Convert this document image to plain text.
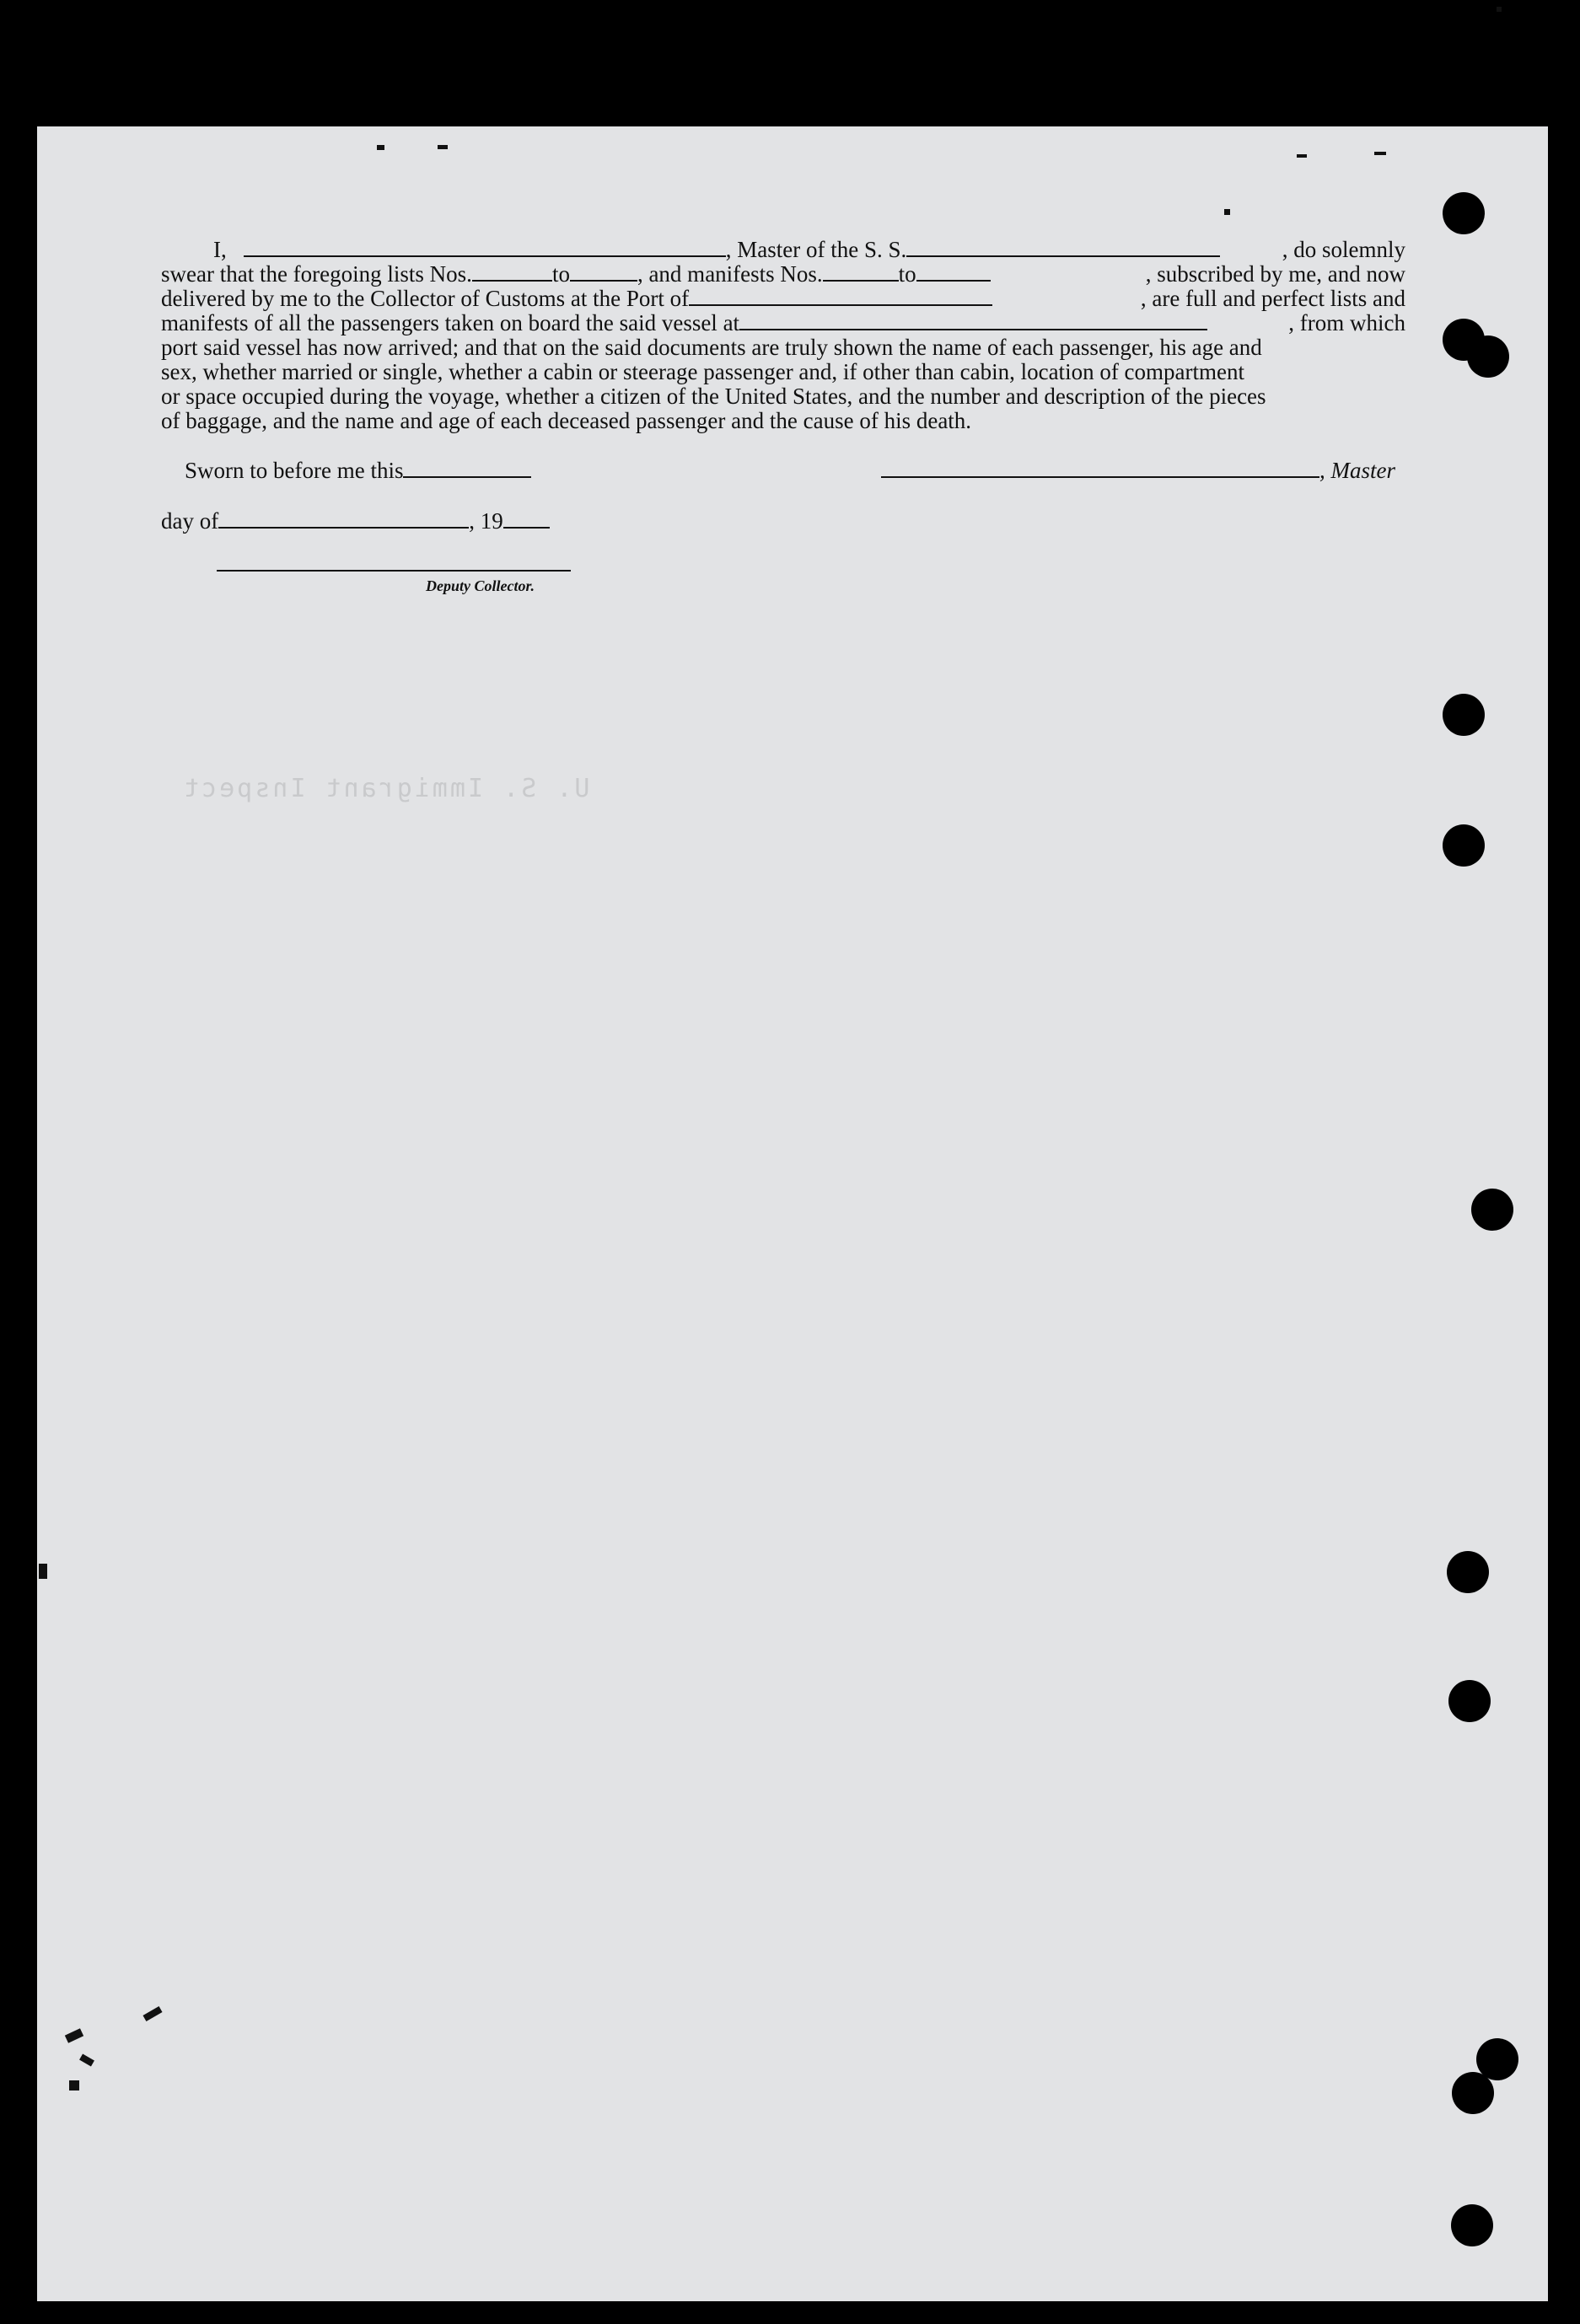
U. S. Immigrant Inspect
I,	, Master of the S. S.	, do solemnly
swear that the foregoing lists Nos.	to	, and manifests Nos.	to	, subscribed by me, and now
delivered by me to the Collector of Customs at the Port of	, are full and perfect lists and
manifests of all the passengers taken on board the said vessel at	, from which
port said vessel has now arrived; and that on the said documents are truly shown the name of each passenger, his age and
sex, whether married or single, whether a cabin or steerage passenger and, if other than cabin, location of compartment
or space occupied during the voyage, whether a citizen of the United States, and the number and description of the pieces
of baggage, and the name and age of each deceased passenger and the cause of his death.
Sworn to before me this	, Master
day of	, 19
Deputy Collector.
